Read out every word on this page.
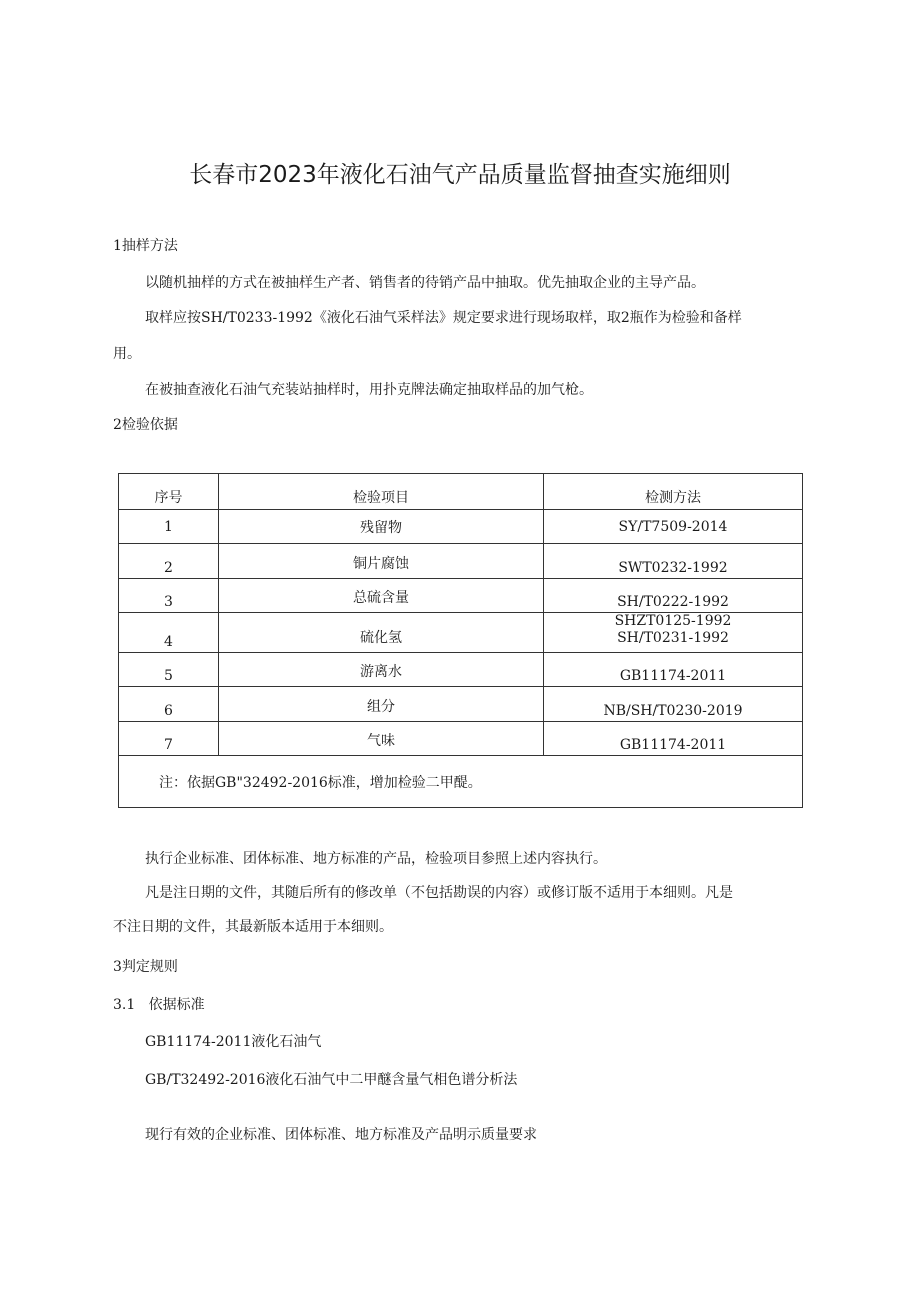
长春市2023年液化石油气产品质量监督抽查实施细则
1抽样方法
以随机抽样的方式在被抽样生产者、销售者的待销产品中抽取。优先抽取企业的主导产品。
取样应按SH/T0233-1992《液化石油气采样法》规定要求进行现场取样，取2瓶作为检验和备样
用。
在被抽查液化石油气充装站抽样时，用扑克牌法确定抽取样品的加气枪。
2检验依据
序号	检验项目	检测方法

1	残留物	SY/T7509-2014

2	铜片腐蚀	SWT0232-1992

3	总硫含量	SH/T0222-1992

4	硫化氢	SHZT0125-1992
SH/T0231-1992

5	游离水	GB11174-2011

6	组分	NB/SH/T0230-2019

7	气味	GB11174-2011

注：依据GB"32492-2016标准，增加检验二甲醍。		
执行企业标准、团体标准、地方标准的产品，检验项目参照上述内容执行。
凡是注日期的文件，其随后所有的修改单（不包括勘误的内容）或修订版不适用于本细则。凡是
不注日期的文件，其最新版本适用于本细则。
3判定规则
3.1   依据标准
GB11174-2011液化石油气
GB/T32492-2016液化石油气中二甲醚含量气相色谱分析法
现行有效的企业标准、团体标准、地方标准及产品明示质量要求
